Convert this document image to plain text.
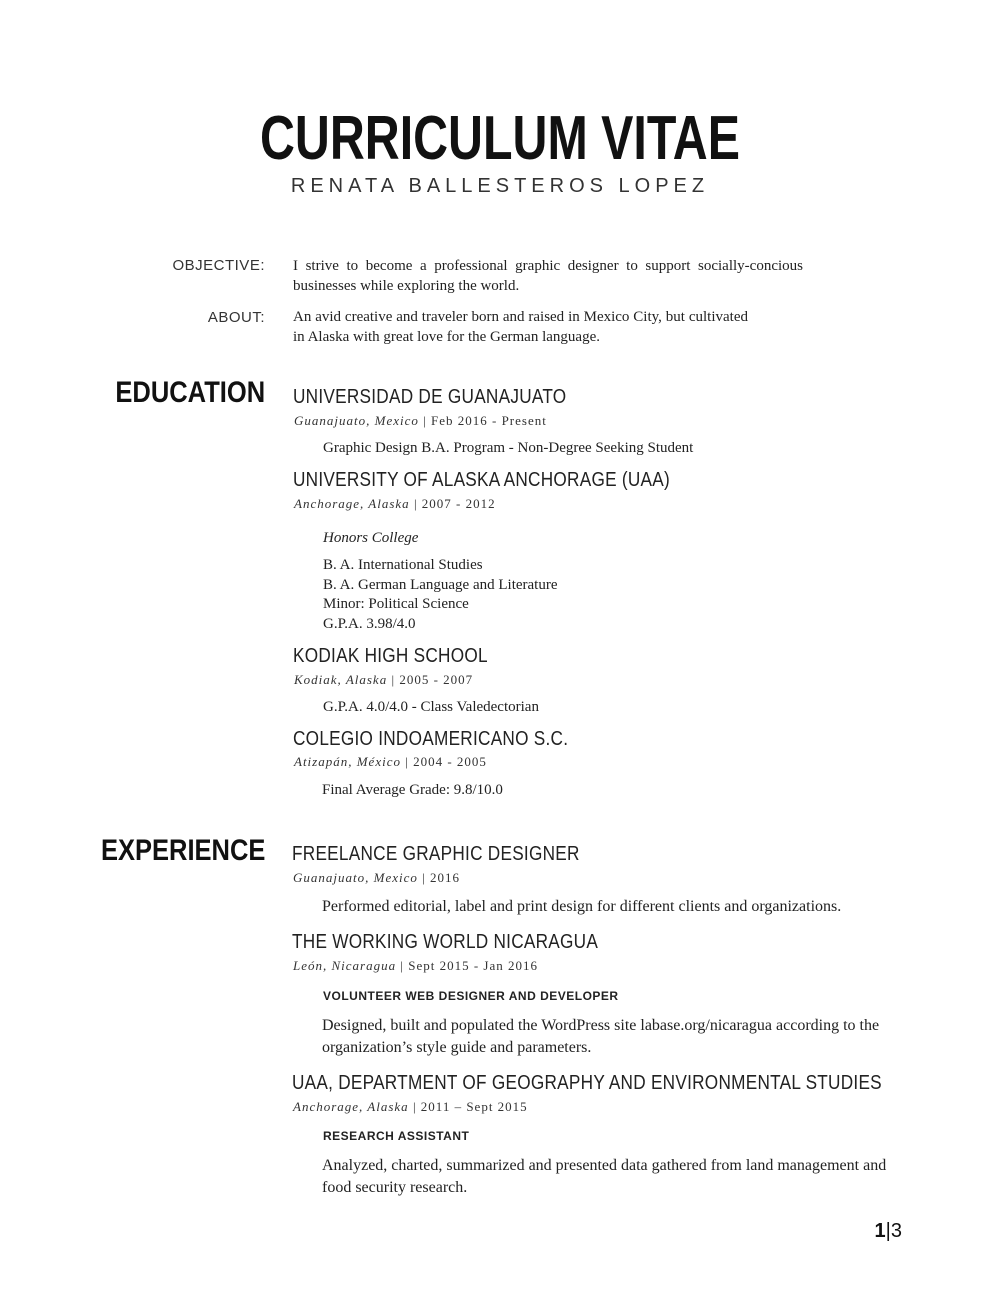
CURRICULUM VITAE
RENATA BALLESTEROS LOPEZ
OBJECTIVE: I strive to become a professional graphic designer to support socially-concious businesses while exploring the world.
ABOUT: An avid creative and traveler born and raised in Mexico City, but cultivated in Alaska with great love for the German language.
EDUCATION UNIVERSIDAD DE GUANAJUATO
Guanajuato, Mexico | Feb 2016 - Present
Graphic Design B.A. Program - Non-Degree Seeking Student
UNIVERSITY OF ALASKA ANCHORAGE (UAA)
Anchorage, Alaska | 2007 - 2012
Honors College
B. A. International Studies
B. A. German Language and Literature
Minor: Political Science
G.P.A. 3.98/4.0
KODIAK HIGH SCHOOL
Kodiak, Alaska | 2005 - 2007
G.P.A. 4.0/4.0 - Class Valedectorian
COLEGIO INDOAMERICANO S.C.
Atizapán, México | 2004 - 2005
Final Average Grade: 9.8/10.0
EXPERIENCE FREELANCE GRAPHIC DESIGNER
Guanajuato, Mexico | 2016
Performed editorial, label and print design for different clients and organizations.
THE WORKING WORLD NICARAGUA
León, Nicaragua | Sept 2015 - Jan 2016
VOLUNTEER WEB DESIGNER AND DEVELOPER
Designed, built and populated the WordPress site labase.org/nicaragua according to the organization’s style guide and parameters.
UAA, DEPARTMENT OF GEOGRAPHY AND ENVIRONMENTAL STUDIES
Anchorage, Alaska | 2011 – Sept 2015
RESEARCH ASSISTANT
Analyzed, charted, summarized and presented data gathered from land management and food security research.
1|3
